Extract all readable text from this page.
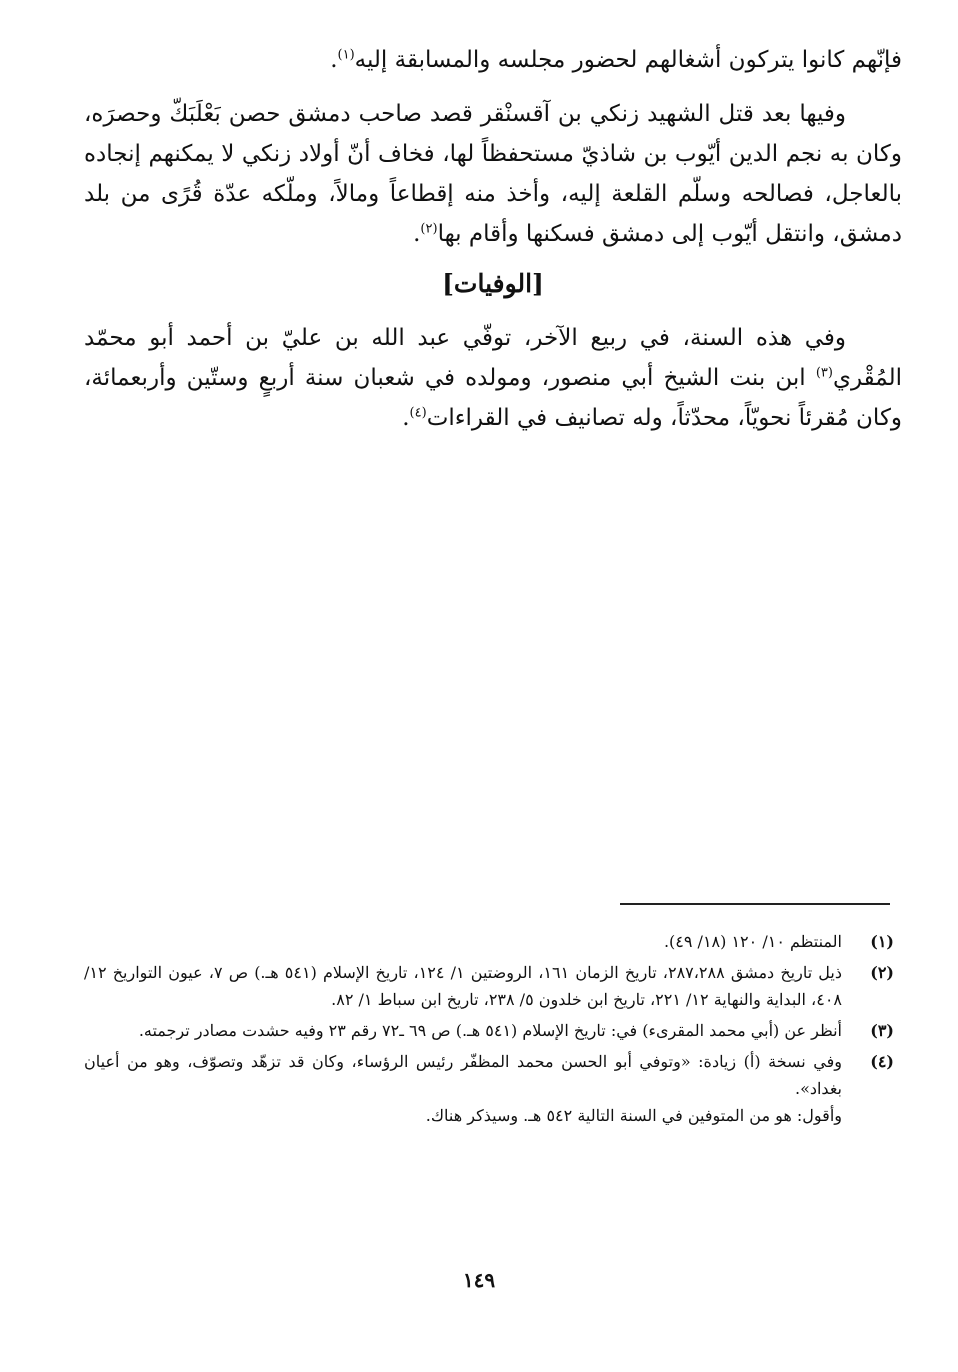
فإنّهم كانوا يتركون أشغالهم لحضور مجلسه والمسابقة إليه$^{(١)}$.

وفيها بعد قتل الشهيد زنكي بن آقسنْقر قصد صاحب دمشق حصن بَعْلَبَكّ وحصرَه، وكان به نجم الدين أيّوب بن شاذيّ مستحفظاً لها، فخاف أنّ أولاد زنكي لا يمكنهم إنجاده بالعاجل، فصالحه وسلّم القلعة إليه، وأخذ منه إقطاعاً ومالاً، وملّكه عدّة قُرًى من بلد دمشق، وانتقل أيّوب إلى دمشق فسكنها وأقام بها$^{(٢)}$.

[الوفيات]

وفي هذه السنة، في ربيع الآخر، توفّي عبد الله بن عليّ بن أحمد أبو محمّد المُقْري$^{(٣)}$ ابن بنت الشيخ أبي منصور، ومولده في شعبان سنة أربعٍ وستّين وأربعمائة، وكان مُقرئاً نحويّاً، محدّثاً، وله تصانيف في القراءات$^{(٤)}$.

(١)
المنتظم ١٠/ ١٢٠ (١٨/ ٤٩).
(٢)
ذيل تاريخ دمشق ٢٨٧،٢٨٨، تاريخ الزمان ١٦١، الروضتين ١/ ١٢٤، تاريخ الإسلام (٥٤١ هـ.) ص ٧، عيون التواريخ ١٢/ ٤٠٨، البداية والنهاية ١٢/ ٢٢١، تاريخ ابن خلدون ٥/ ٢٣٨، تاريخ ابن سباط ١/ ٨٢.
(٣)
أنظر عن (أبي محمد المقرىء) في: تاريخ الإسلام (٥٤١ هـ.) ص ٦٩ ـ٧٢ رقم ٢٣ وفيه حشدت مصادر ترجمته.
(٤)
وفي نسخة (أ) زيادة: «وتوفي أبو الحسن محمد المظفّر رئيس الرؤساء، وكان قد تزهّد وتصوّف، وهو من أعيان بغداد».
وأقول: هو من المتوفين في السنة التالية ٥٤٢ هـ. وسيذكر هناك.
١٤٩
